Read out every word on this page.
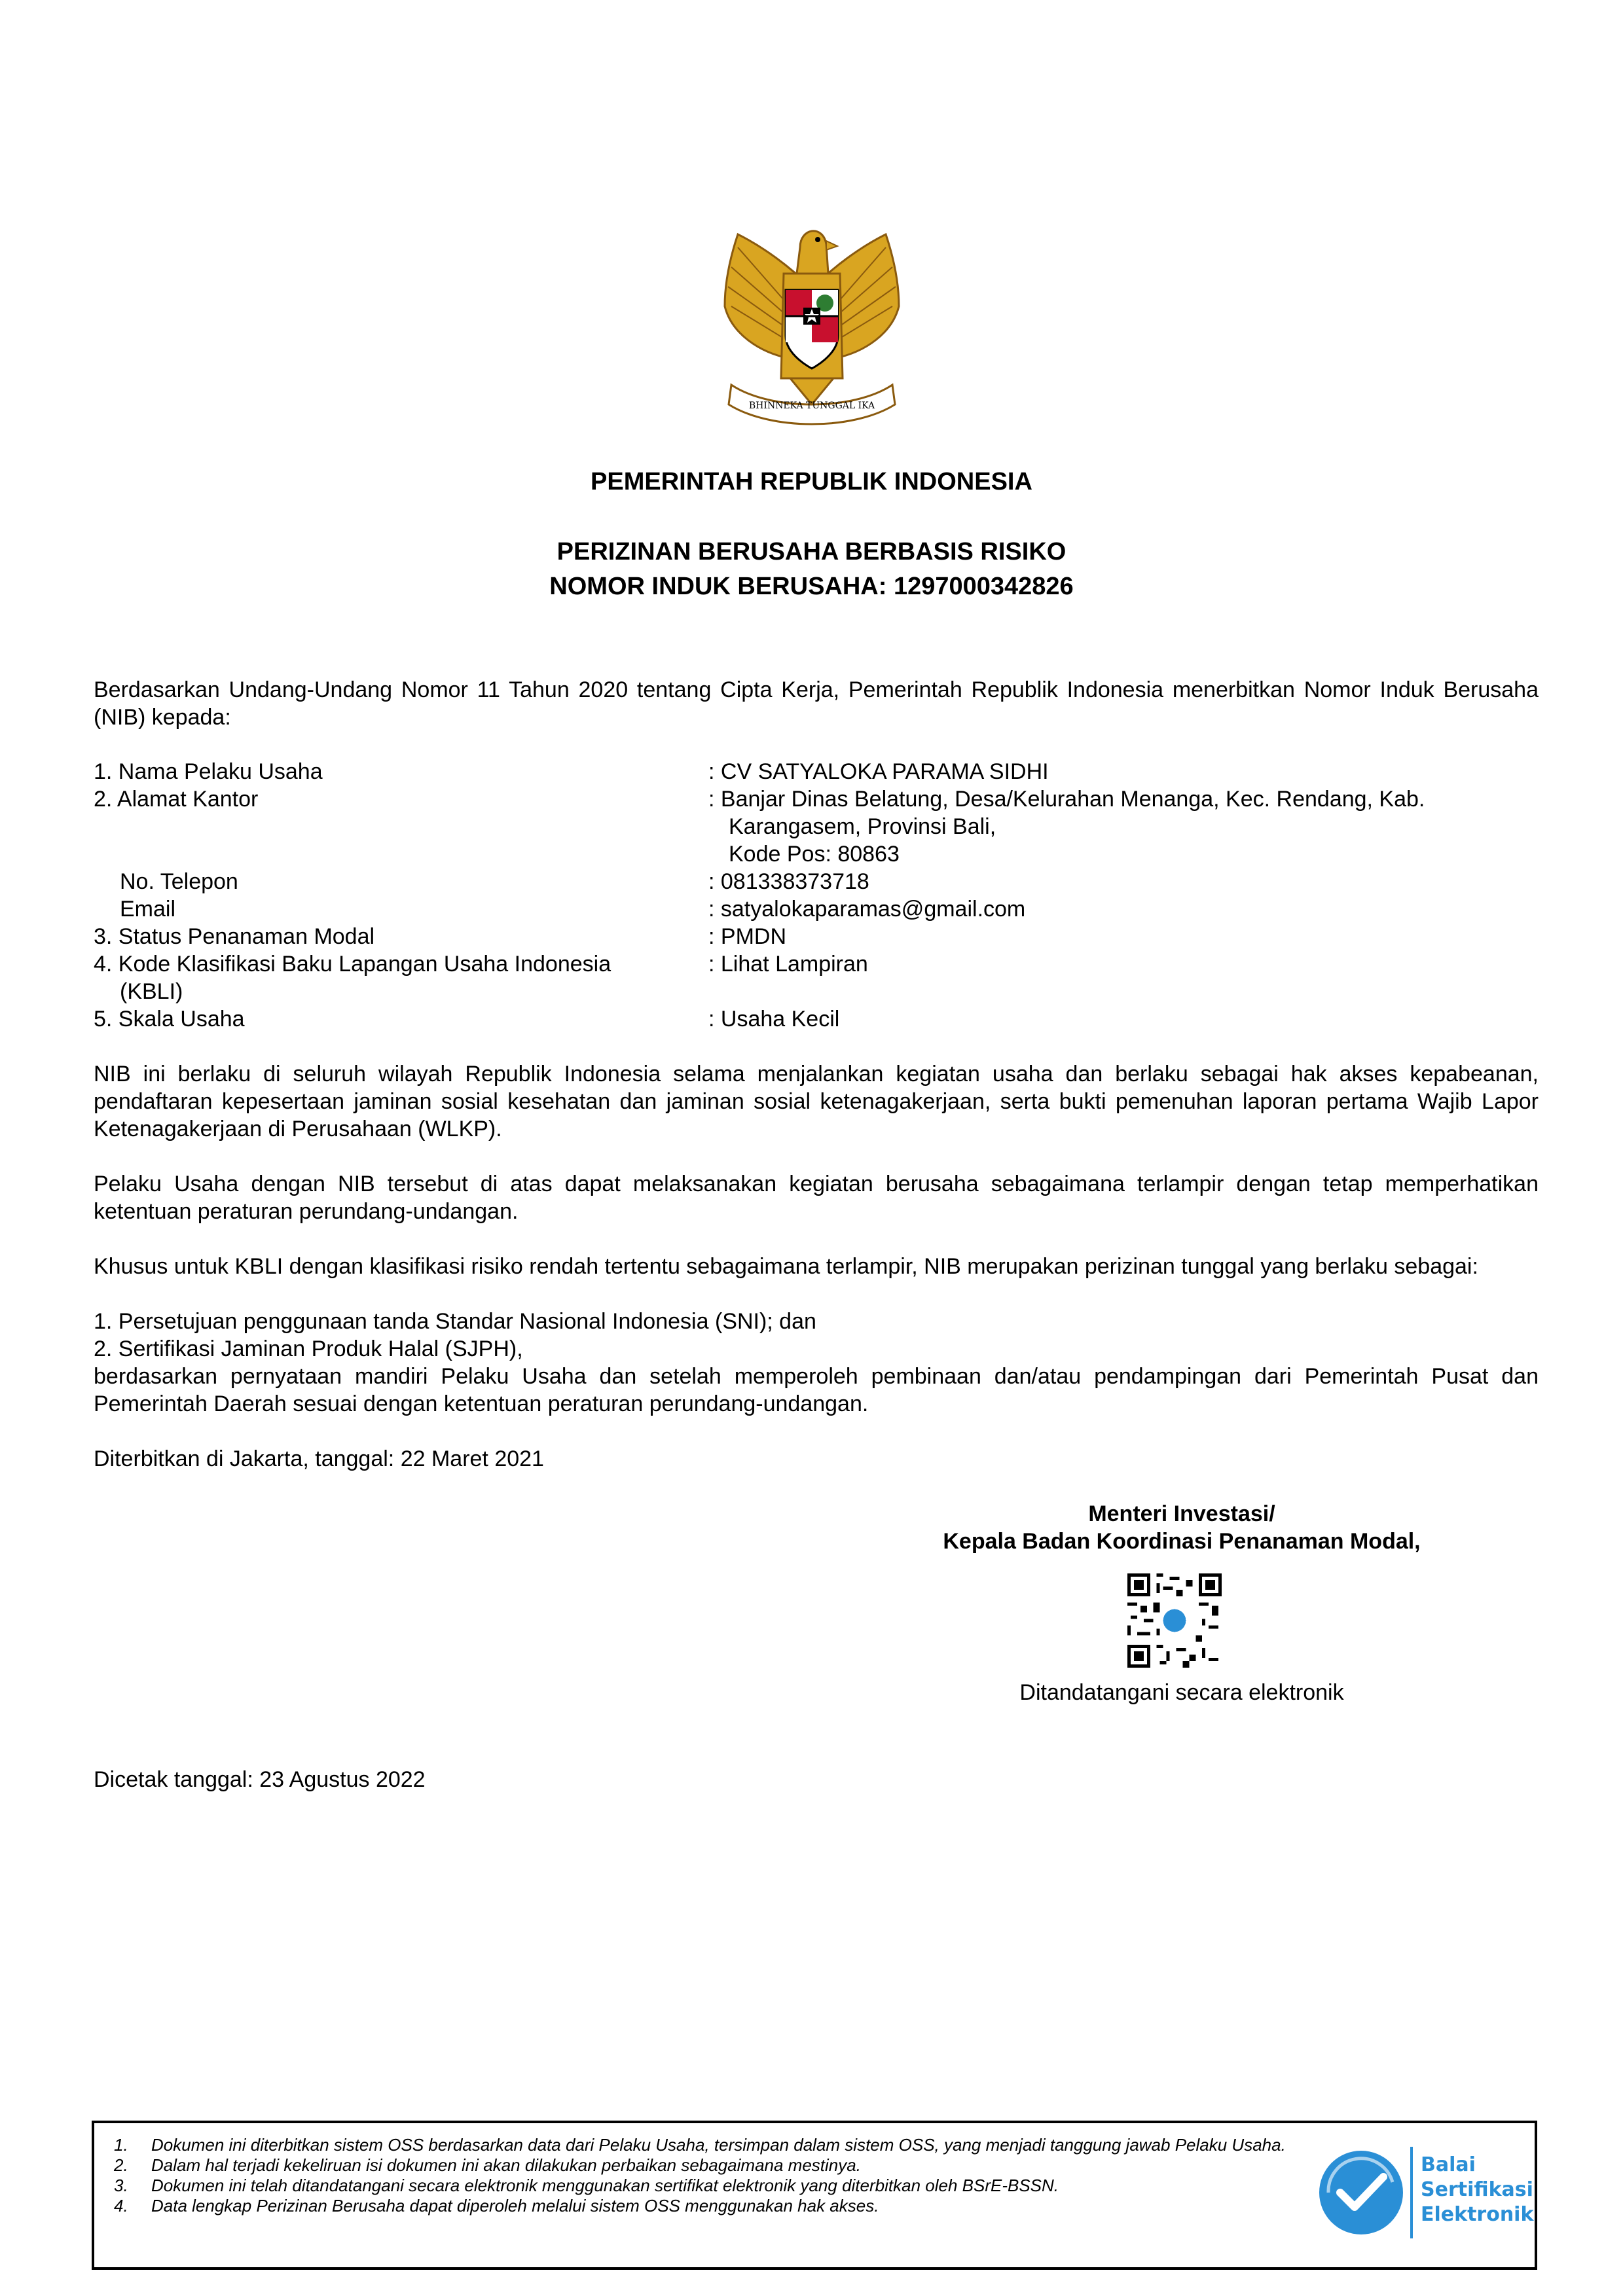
BHINNEKA TUNGGAL IKA
PEMERINTAH REPUBLIK INDONESIA
PERIZINAN BERUSAHA BERBASIS RISIKO
NOMOR INDUK BERUSAHA: 1297000342826
Berdasarkan Undang-Undang Nomor 11 Tahun 2020 tentang Cipta Kerja, Pemerintah Republik Indonesia menerbitkan Nomor Induk Berusaha (NIB) kepada:
1. Nama Pelaku Usaha	: CV SATYALOKA PARAMA SIDHI
2. Alamat Kantor	: Banjar Dinas Belatung, Desa/Kelurahan Menanga, Kec. Rendang, Kab.
Karangasem, Provinsi Bali,
Kode Pos: 80863
No. Telepon	: 081338373718
Email	: satyalokaparamas@gmail.com
3. Status Penanaman Modal	: PMDN
4. Kode Klasifikasi Baku Lapangan Usaha Indonesia	: Lihat Lampiran
(KBLI)
5. Skala Usaha	: Usaha Kecil
NIB ini berlaku di seluruh wilayah Republik Indonesia selama menjalankan kegiatan usaha dan berlaku sebagai hak akses kepabeanan, pendaftaran kepesertaan jaminan sosial kesehatan dan jaminan sosial ketenagakerjaan, serta bukti pemenuhan laporan pertama Wajib Lapor Ketenagakerjaan di Perusahaan (WLKP).
Pelaku Usaha dengan NIB tersebut di atas dapat melaksanakan kegiatan berusaha sebagaimana terlampir dengan tetap memperhatikan ketentuan peraturan perundang-undangan.
Khusus untuk KBLI dengan klasifikasi risiko rendah tertentu sebagaimana terlampir, NIB merupakan perizinan tunggal yang berlaku sebagai:
1. Persetujuan penggunaan tanda Standar Nasional Indonesia (SNI); dan
2. Sertifikasi Jaminan Produk Halal (SJPH),
berdasarkan pernyataan mandiri Pelaku Usaha dan setelah memperoleh pembinaan dan/atau pendampingan dari Pemerintah Pusat dan Pemerintah Daerah sesuai dengan ketentuan peraturan perundang-undangan.
Diterbitkan di Jakarta, tanggal: 22 Maret 2021
Menteri Investasi/
Kepala Badan Koordinasi Penanaman Modal,
Ditandatangani secara elektronik
Dicetak tanggal: 23 Agustus 2022
1. Dokumen ini diterbitkan sistem OSS berdasarkan data dari Pelaku Usaha, tersimpan dalam sistem OSS, yang menjadi tanggung jawab Pelaku Usaha.
2. Dalam hal terjadi kekeliruan isi dokumen ini akan dilakukan perbaikan sebagaimana mestinya.
3. Dokumen ini telah ditandatangani secara elektronik menggunakan sertifikat elektronik yang diterbitkan oleh BSrE-BSSN.
4. Data lengkap Perizinan Berusaha dapat diperoleh melalui sistem OSS menggunakan hak akses.
Balai
Sertifikasi
Elektronik
